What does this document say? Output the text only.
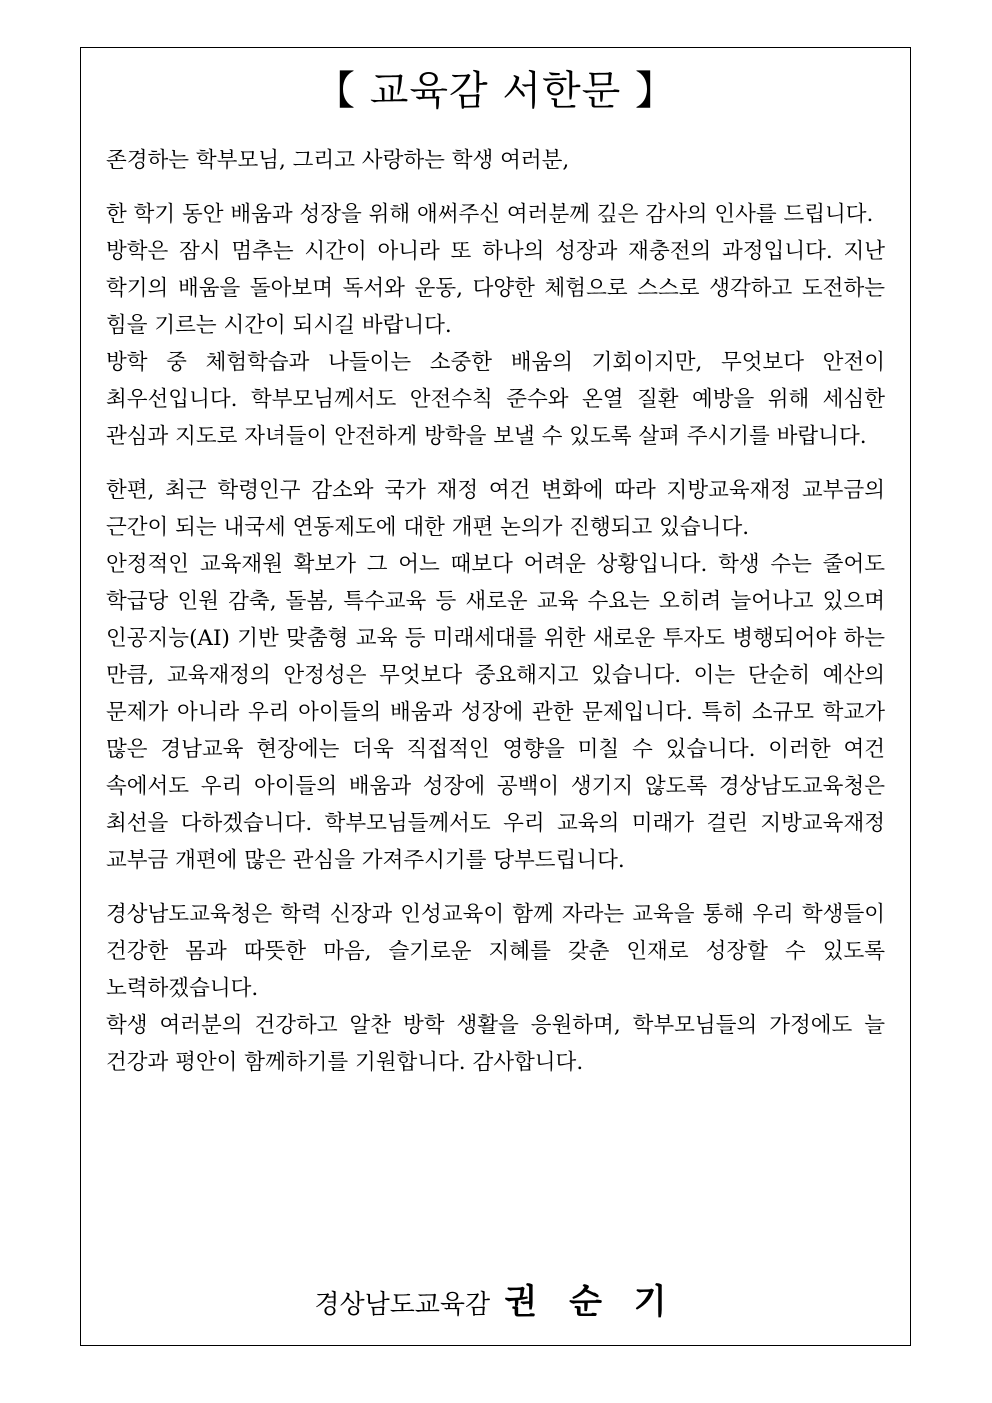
【 교육감 서한문 】

존경하는 학부모님, 그리고 사랑하는 학생 여러분,

한 학기 동안 배움과 성장을 위해 애써주신 여러분께 깊은 감사의 인사를 드립니다.

방학은 잠시 멈추는 시간이 아니라 또 하나의 성장과 재충전의 과정입니다. 지난 학기의 배움을 돌아보며 독서와 운동, 다양한 체험으로 스스로 생각하고 도전하는 힘을 기르는 시간이 되시길 바랍니다.

방학 중 체험학습과 나들이는 소중한 배움의 기회이지만, 무엇보다 안전이 최우선입니다. 학부모님께서도 안전수칙 준수와 온열 질환 예방을 위해 세심한 관심과 지도로 자녀들이 안전하게 방학을 보낼 수 있도록 살펴 주시기를 바랍니다.

한편, 최근 학령인구 감소와 국가 재정 여건 변화에 따라 지방교육재정 교부금의 근간이 되는 내국세 연동제도에 대한 개편 논의가 진행되고 있습니다.

안정적인 교육재원 확보가 그 어느 때보다 어려운 상황입니다. 학생 수는 줄어도 학급당 인원 감축, 돌봄, 특수교육 등 새로운 교육 수요는 오히려 늘어나고 있으며 인공지능(AI) 기반 맞춤형 교육 등 미래세대를 위한 새로운 투자도 병행되어야 하는 만큼, 교육재정의 안정성은 무엇보다 중요해지고 있습니다. 이는 단순히 예산의 문제가 아니라 우리 아이들의 배움과 성장에 관한 문제입니다. 특히 소규모 학교가 많은 경남교육 현장에는 더욱 직접적인 영향을 미칠 수 있습니다. 이러한 여건 속에서도 우리 아이들의 배움과 성장에 공백이 생기지 않도록 경상남도교육청은 최선을 다하겠습니다. 학부모님들께서도 우리 교육의 미래가 걸린 지방교육재정 교부금 개편에 많은 관심을 가져주시기를 당부드립니다.

경상남도교육청은 학력 신장과 인성교육이 함께 자라는 교육을 통해 우리 학생들이 건강한 몸과 따뜻한 마음, 슬기로운 지혜를 갖춘 인재로 성장할 수 있도록 노력하겠습니다.

학생 여러분의 건강하고 알찬 방학 생활을 응원하며, 학부모님들의 가정에도 늘 건강과 평안이 함께하기를 기원합니다. 감사합니다.

경상남도교육감 권 순 기
